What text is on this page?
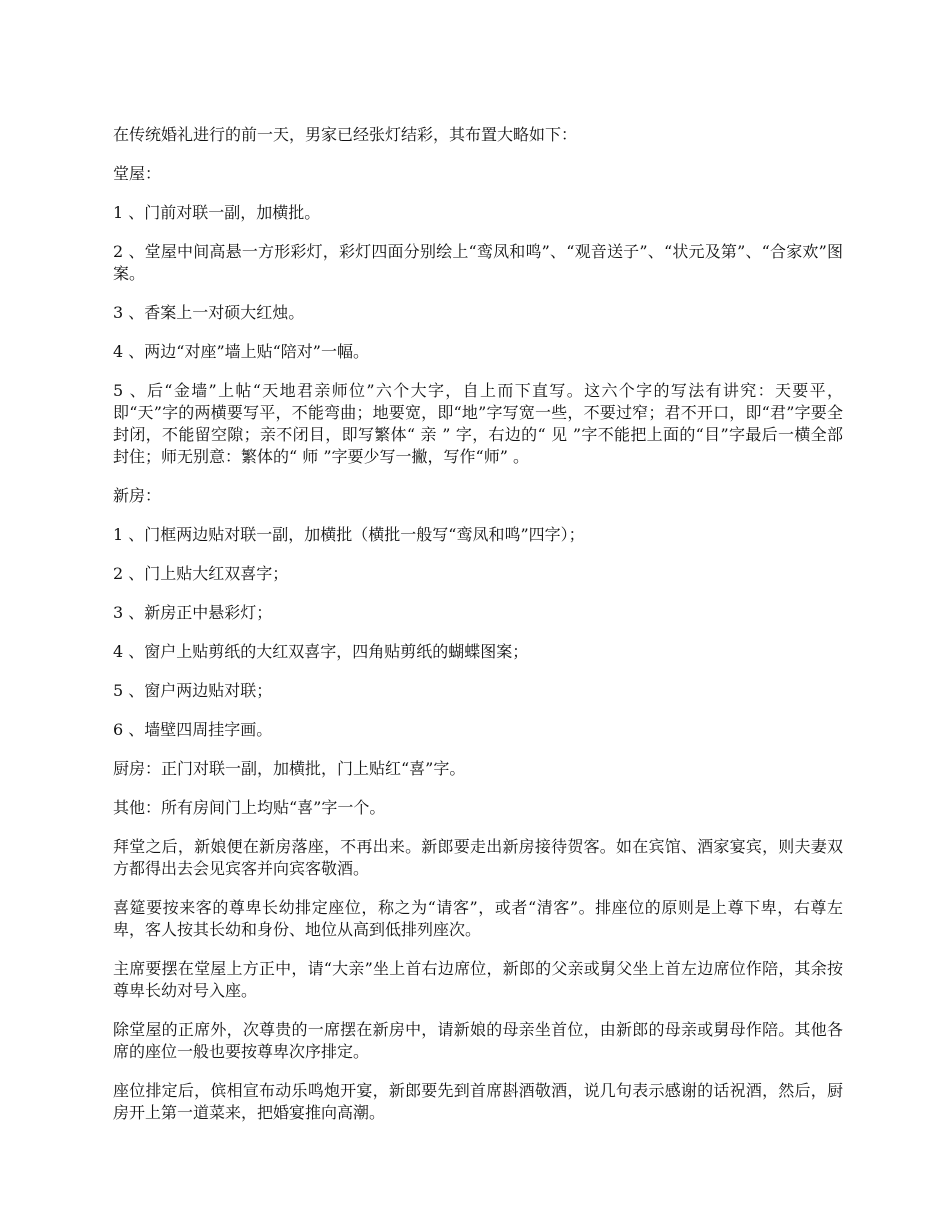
在传统婚礼进行的前一天，男家已经张灯结彩，其布置大略如下：

堂屋：

1 、门前对联一副，加横批。

2 、堂屋中间高悬一方形彩灯，彩灯四面分别绘上“鸾凤和鸣”、“观音送子”、“状元及第”、“合家欢”图案。

3 、香案上一对硕大红烛。

4 、两边“对座”墙上贴“陪对”一幅。

5 、后“金墙”上帖“天地君亲师位”六个大字，自上而下直写。这六个字的写法有讲究：天要平，即“天”字的两横要写平，不能弯曲；地要宽，即“地”字写宽一些，不要过窄；君不开口，即“君”字要全封闭，不能留空隙；亲不闭目，即写繁体“ 亲 ” 字，右边的“ 见 ”字不能把上面的“目”字最后一横全部封住；师无别意：繁体的“ 师 ”字要少写一撇，写作“师” 。

新房：

1 、门框两边贴对联一副，加横批（横批一般写“鸾凤和鸣”四字）；

2 、门上贴大红双喜字；

3 、新房正中悬彩灯；

4 、窗户上贴剪纸的大红双喜字，四角贴剪纸的蝴蝶图案；

5 、窗户两边贴对联；

6 、墙壁四周挂字画。

厨房：正门对联一副，加横批，门上贴红“喜”字。

其他：所有房间门上均贴“喜”字一个。

拜堂之后，新娘便在新房落座，不再出来。新郎要走出新房接待贺客。如在宾馆、酒家宴宾，则夫妻双方都得出去会见宾客并向宾客敬酒。

喜筵要按来客的尊卑长幼排定座位，称之为“请客”，或者“清客”。排座位的原则是上尊下卑，右尊左卑，客人按其长幼和身份、地位从高到低排列座次。

主席要摆在堂屋上方正中，请“大亲”坐上首右边席位，新郎的父亲或舅父坐上首左边席位作陪，其余按尊卑长幼对号入座。

除堂屋的正席外，次尊贵的一席摆在新房中，请新娘的母亲坐首位，由新郎的母亲或舅母作陪。其他各席的座位一般也要按尊卑次序排定。

座位排定后，傧相宣布动乐鸣炮开宴，新郎要先到首席斟酒敬酒，说几句表示感谢的话祝酒，然后，厨房开上第一道菜来，把婚宴推向高潮。
